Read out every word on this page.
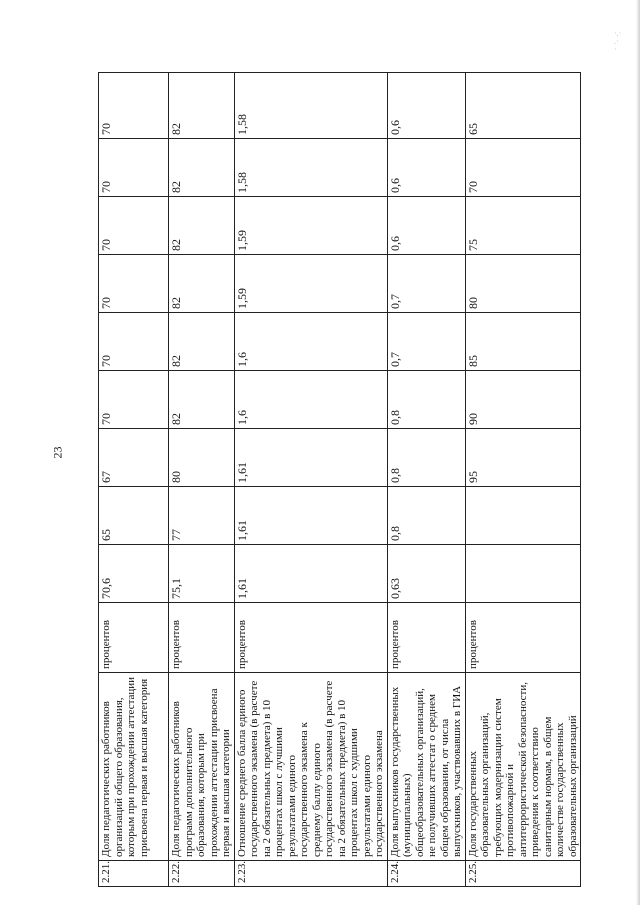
23
2.21.	Доля педагогических работников организаций общего образования, которым при прохождении аттестации присвоена первая и высшая категория	процентов	70,6	65	67	70	70	70	70	70	70
2.22.	Доля педагогических работников программ дополнительного образования, которым при прохождении аттестации присвоена первая и высшая категории	процентов	75,1	77	80	82	82	82	82	82	82
2.23.	Отношение среднего балла единого государственного экзамена (в расчете на 2 обязательных предмета) в 10 процентах школ с лучшими результатами единого государственного экзамена к среднему баллу единого государственного экзамена (в расчете на 2 обязательных предмета) в 10 процентах школ с худшими результатами единого государственного экзамена	процентов	1,61	1,61	1,61	1,6	1,6	1,59	1,59	1,58	1,58
2.24.	Доля выпускников государственных (муниципальных) общеобразовательных организаций, не получивших аттестат о среднем общем образовании, от числа выпускников, участвовавших в ГИА	процентов	0,63	0,8	0,8	0,8	0,7	0,7	0,6	0,6	0,6
2.25.	Доля государственных образовательных организаций, требующих модернизации систем противопожарной и антитеррористической безопасности, приведения к соответствию санитарным нормам, в общем количестве государственных образовательных организаций	процентов			95	90	85	80	75	70	65
·.·
.·
·
